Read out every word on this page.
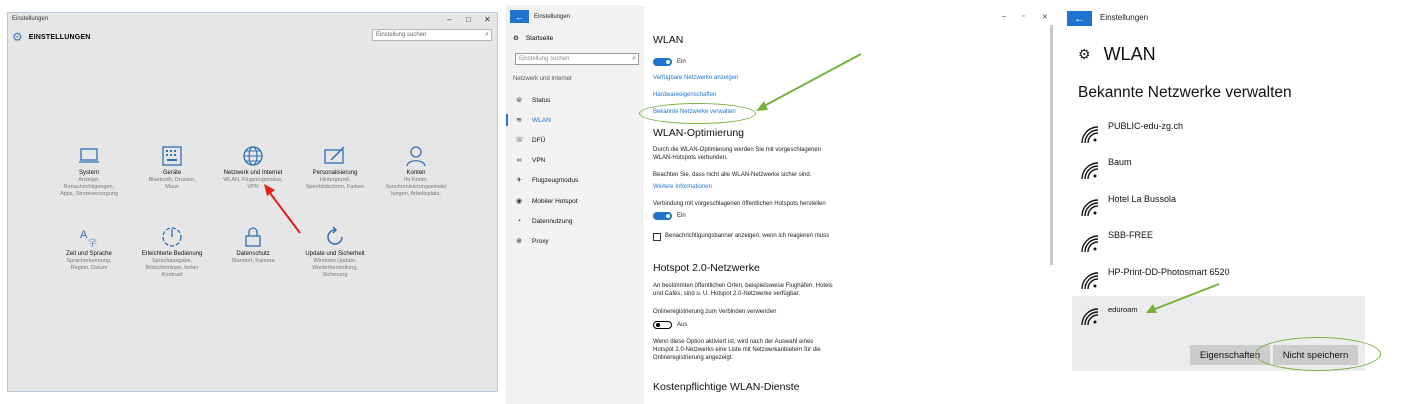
Einstellungen	– □ ✕
⚙ EINSTELLUNGEN	Einstellung suchen	⌕
System
Anzeige,
Benachrichtigungen,
Apps, Stromversorgung
Geräte
Bluetooth, Drucker,
Maus
Netzwerk und Internet
WLAN, Flugzeugmodus,
VPN
Personalisierung
Hintergrund,
Sperrbildschirm, Farben
Konten
Ihr Konto,
Synchronisierungseinstel
lungen, Arbeitsplatz,
A
字
Zeit und Sprache
Spracherkennung,
Region, Datum
Erleichterte Bedienung
Sprachausgabe,
Bildschirmlupe, hoher
Kontrast
Datenschutz
Standort, Kamera
Update und Sicherheit
Windows Update,
Wiederherstellung,
Sicherung
← Einstellungen
⚙ Startseite
Einstellung suchen	⌕
Netzwerk und Internet
⊜ Status
≋ WLAN
☏ DFÜ
∞ VPN
✈ Flugzeugmodus
◉ Mobiler Hotspot
◔ Datennutzung
⊕ Proxy
– ▫	✕
WLAN
Ein
Verfügbare Netzwerke anzeigen
Hardwareeigenschaften
Bekannte Netzwerke verwalten
WLAN-Optimierung
Durch die WLAN-Optimierung werden Sie mit vorgeschlagenen
WLAN-Hotspots verbunden.
Beachten Sie, dass nicht alle WLAN-Netzwerke sicher sind.
Weitere Informationen
Verbindung mit vorgeschlagenen öffentlichen Hotspots herstellen
Ein
Benachrichtigungsbanner anzeigen, wenn ich reagieren muss
Hotspot 2.0-Netzwerke
An bestimmten öffentlichen Orten, beispielsweise Flughäfen, Hotels
und Cafés, sind u. U. Hotspot 2.0-Netzwerke verfügbar.
Onlineregistrierung zum Verbinden verwenden
Aus
Wenn diese Option aktiviert ist, wird nach der Auswahl eines
Hotspot 2.0-Netzwerks eine Liste mit Netzwerkanbietern für die
Onlineregistrierung angezeigt.
Kostenpflichtige WLAN-Dienste
← Einstellungen
⚙ WLAN
Bekannte Netzwerke verwalten
PUBLIC-edu-zg.ch
Baum
Hotel La Bussola
SBB-FREE
HP-Print-DD-Photosmart 6520
eduroam
Eigenschaften Nicht speichern
